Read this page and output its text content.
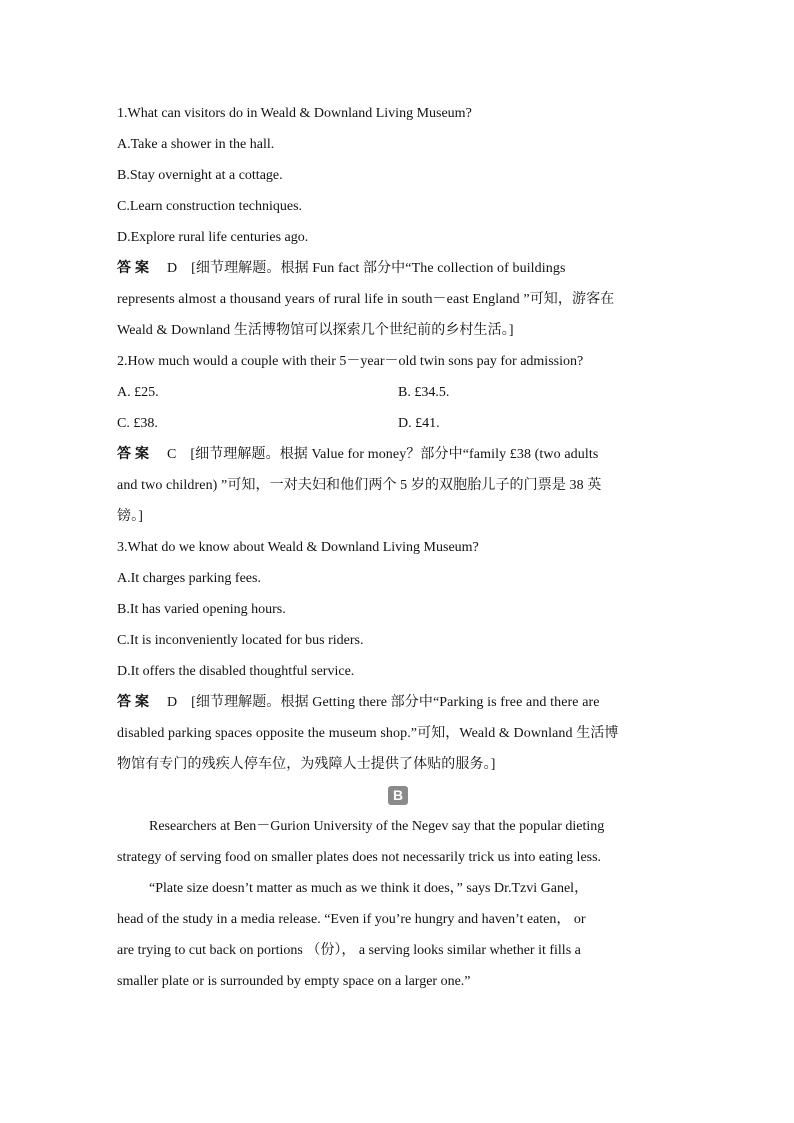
1.What can visitors do in Weald & Downland Living Museum?
A.Take a shower in the hall.
B.Stay overnight at a cottage.
C.Learn construction techniques.
D.Explore rural life centuries ago.
答案 D [细节理解题。根据 Fun fact 部分中“The collection of buildings
represents almost a thousand years of rural life in south－east England ”可知，游客在
Weald & Downland 生活博物馆可以探索几个世纪前的乡村生活。]
2.How much would a couple with their 5－year－old twin sons pay for admission?
A. £25.	B. £34.5.
C. £38.	D. £41.
答案 C [细节理解题。根据 Value for money？部分中“family £38 (two adults
and two children) ”可知，一对夫妇和他们两个 5 岁的双胞胎儿子的门票是 38 英
镑。]
3.What do we know about Weald & Downland Living Museum?
A.It charges parking fees.
B.It has varied opening hours.
C.It is inconveniently located for bus riders.
D.It offers the disabled thoughtful service.
答案 D [细节理解题。根据 Getting there 部分中“Parking is free and there are
disabled parking spaces opposite the museum shop.”可知，Weald & Downland 生活博
物馆有专门的残疾人停车位，为残障人士提供了体贴的服务。]
B
Researchers at Ben－Gurion University of the Negev say that the popular dieting
strategy of serving food on smaller plates does not necessarily trick us into eating less.
“Plate size doesn’t matter as much as we think it does，” says Dr.Tzvi Ganel，
head of the study in a media release. “Even if you’re hungry and haven’t eaten， or
are trying to cut back on portions （份）， a serving looks similar whether it fills a
smaller plate or is surrounded by empty space on a larger one.”
